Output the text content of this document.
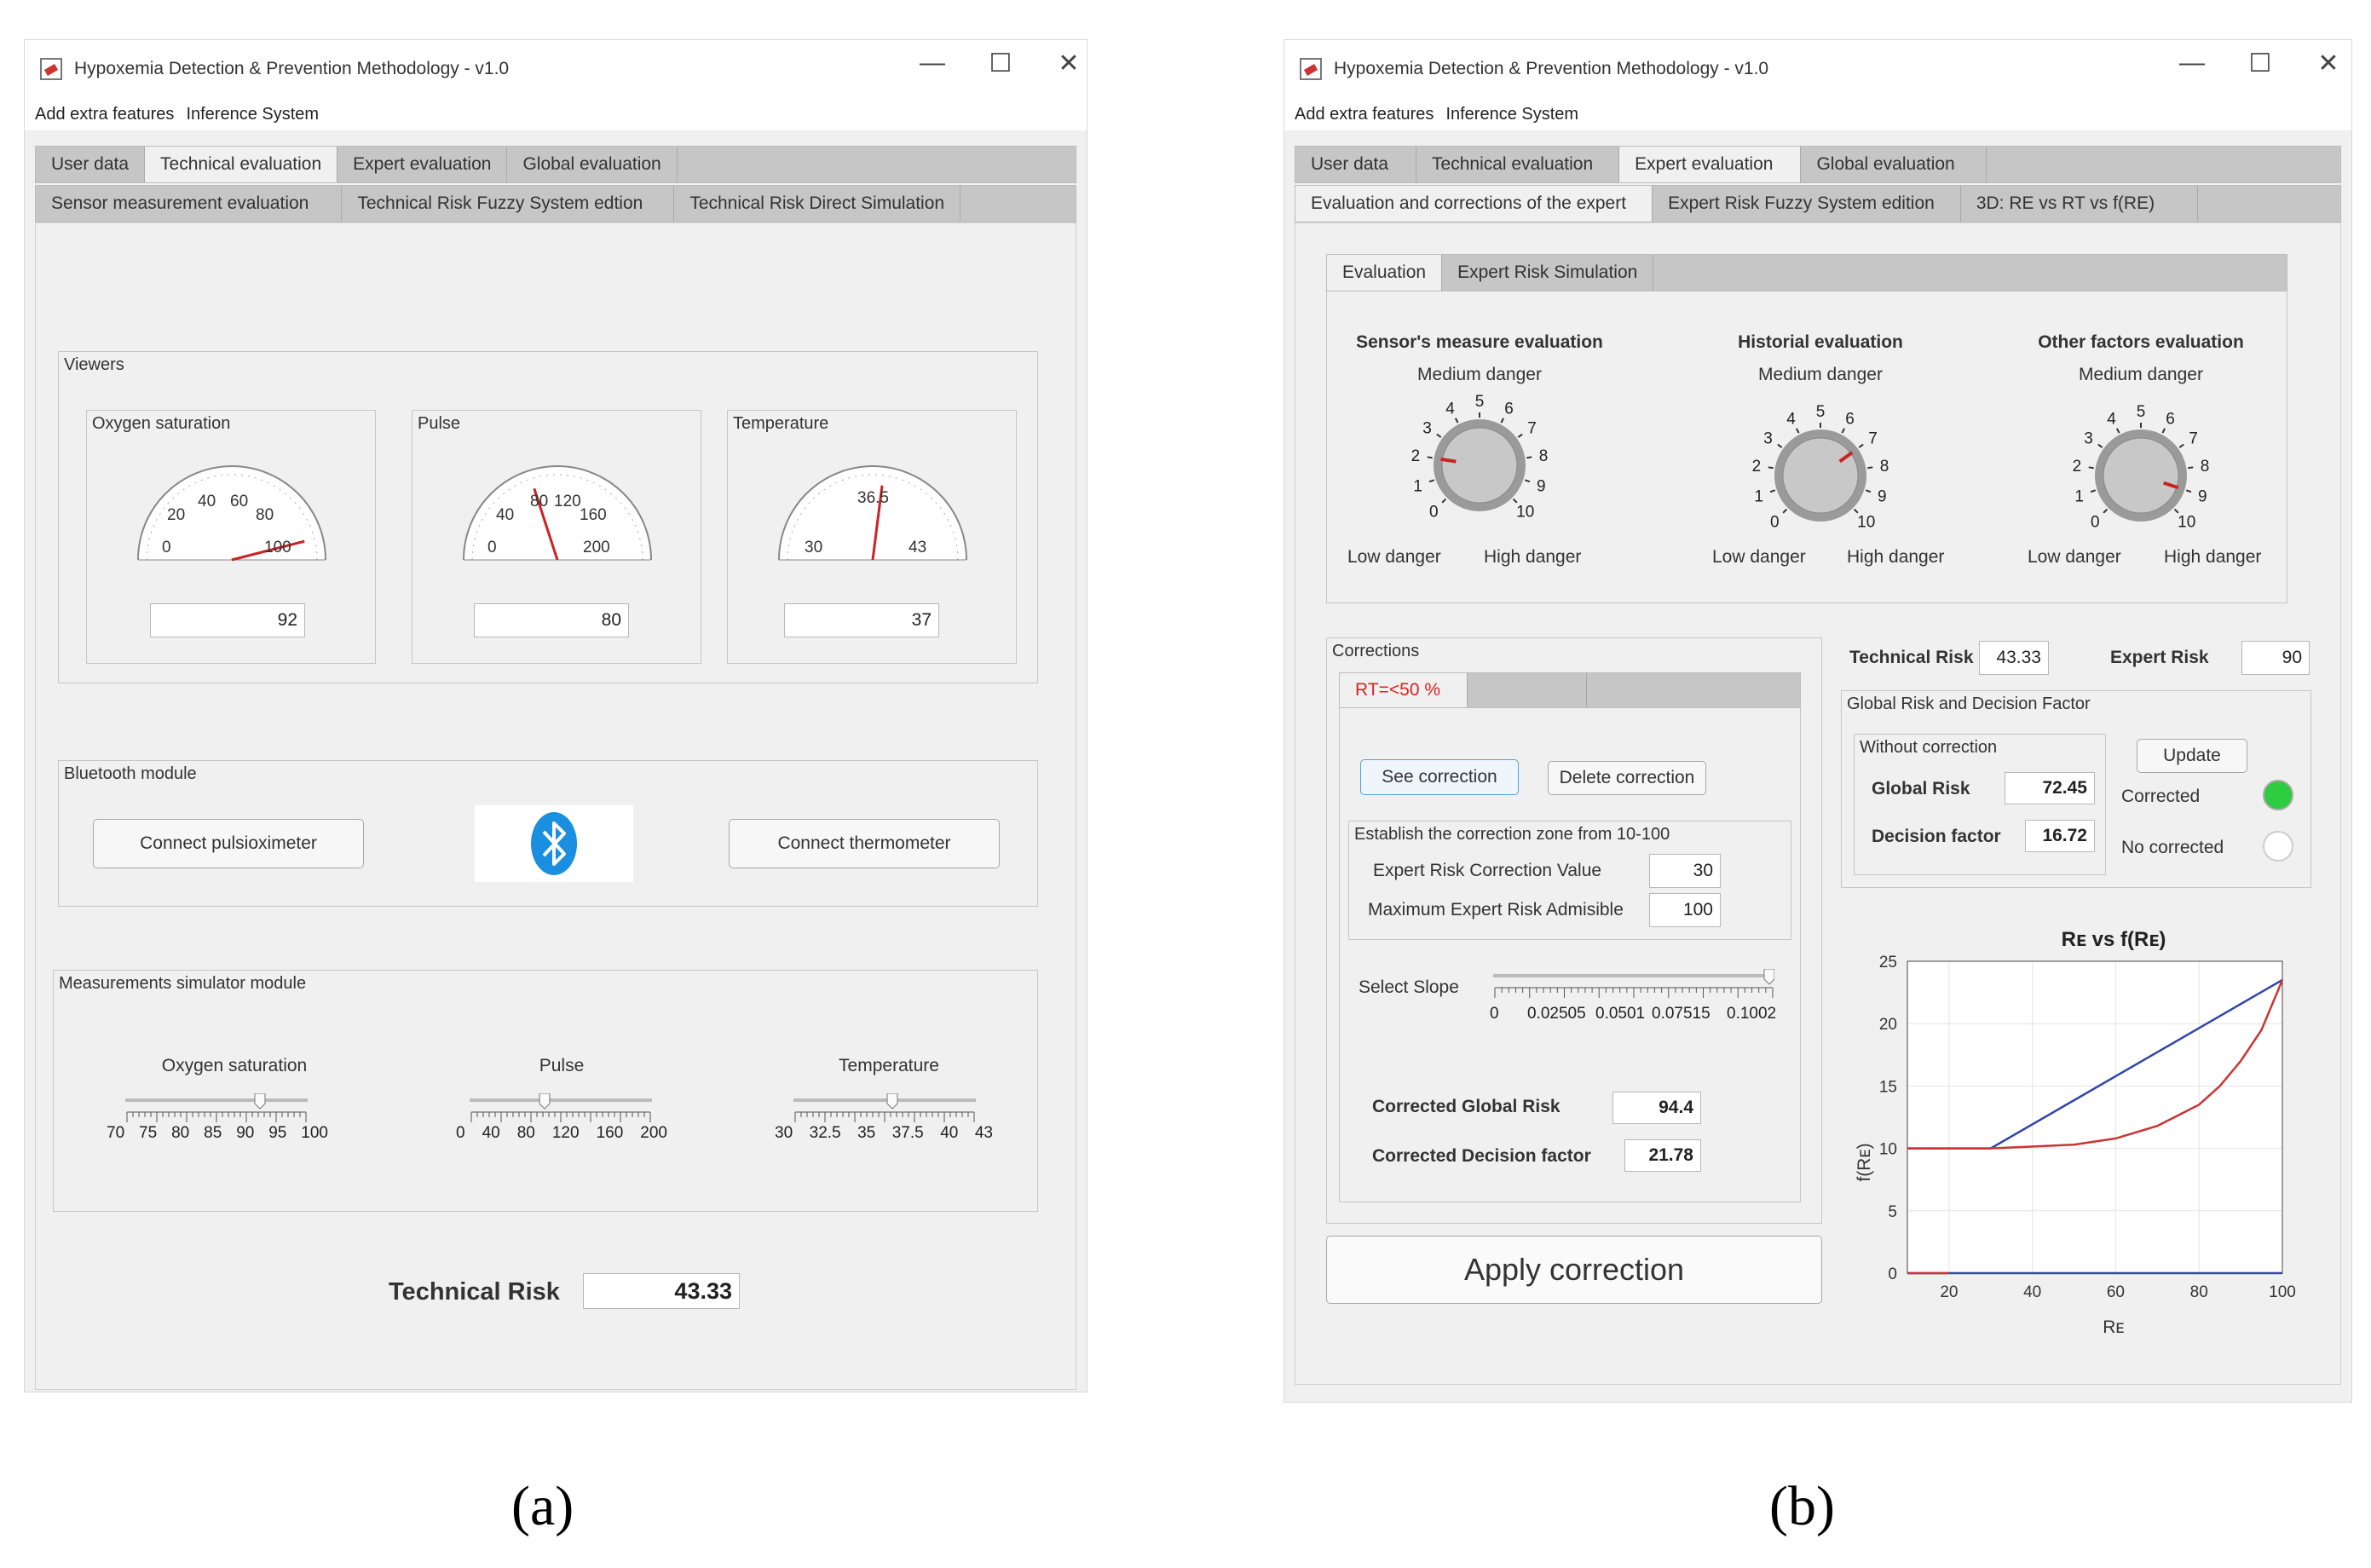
Hypoxemia Detection & Prevention Methodology - v1.0	—	☐	✕
Add extra features Inference System
User data	Technical evaluation	Expert evaluation	Global evaluation
Sensor measurement evaluation	Technical Risk Fuzzy System edtion	Technical Risk Direct Simulation
Viewers
Oxygen saturation
0
20
40 60
80
100
92
Pulse
0
40
80 120
160
200
80
Temperature
30
36.5
43
37
Bluetooth module
Connect pulsioximeter	Connect thermometer
Measurements simulator module
Oxygen saturation
70 75 80 85 90 95 100
Pulse
0 40 80 120 160 200
Temperature
30 32.5 35 37.5 40 43
Technical Risk	43.33
Hypoxemia Detection & Prevention Methodology - v1.0	—	☐	✕
Add extra features Inference System
User data	Technical evaluation	Expert evaluation	Global evaluation
Evaluation and corrections of the expert	Expert Risk Fuzzy System edition	3D: RE vs RT vs f(RE)
Evaluation	Expert Risk Simulation
Sensor's measure evaluation
Medium danger
0
1
2
3
4 5 6
7
8
9
10
Low danger High danger
Historial evaluation
Medium danger
0
1
2
3
4 5 6
7
8
9
10
Low danger High danger
Other factors evaluation
Medium danger
0
1
2
3
4 5 6
7
8
9
10
Low danger High danger
Corrections
RT=<50 %
See correction	Delete correction
Establish the correction zone from 10-100
Expert Risk Correction Value	30
Maximum Expert Risk Admisible	100
Select Slope
0 0.02505 0.0501 0.07515 0.1002
Corrected Global Risk	94.4
Corrected Decision factor	21.78
Apply correction
Technical Risk	43.33	Expert Risk	90
Global Risk and Decision Factor
Without correction
Global Risk	72.45
Decision factor	16.72
Update
Corrected
No corrected
Rᴇ vs f(Rᴇ)
Rᴇ
f(Rᴇ)
0
5
10
15
20
25
20	40	60	80	100
(a)	(b)
